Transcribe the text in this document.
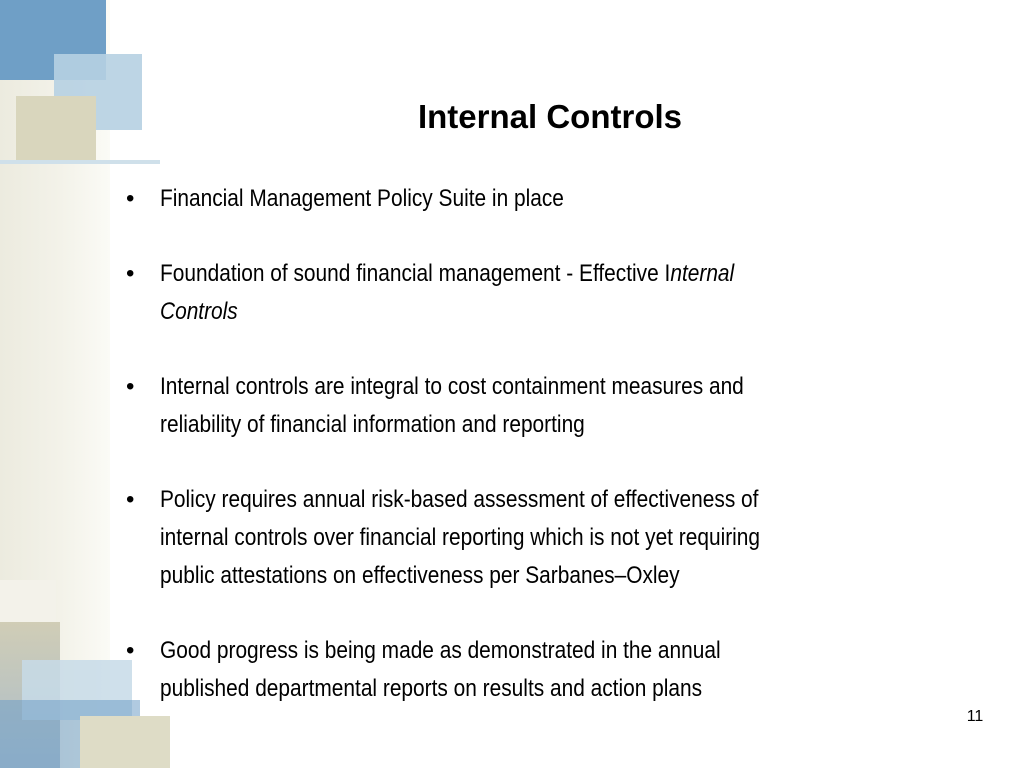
Internal Controls
• Financial Management Policy Suite in place
• Foundation of sound financial management - Effective Internal
Controls
• Internal controls are integral to cost containment measures and
reliability of financial information and reporting
• Policy requires annual risk-based assessment of effectiveness of
internal controls over financial reporting which is not yet requiring
public attestations on effectiveness per Sarbanes–Oxley
• Good progress is being made as demonstrated in the annual
published departmental reports on results and action plans
11
